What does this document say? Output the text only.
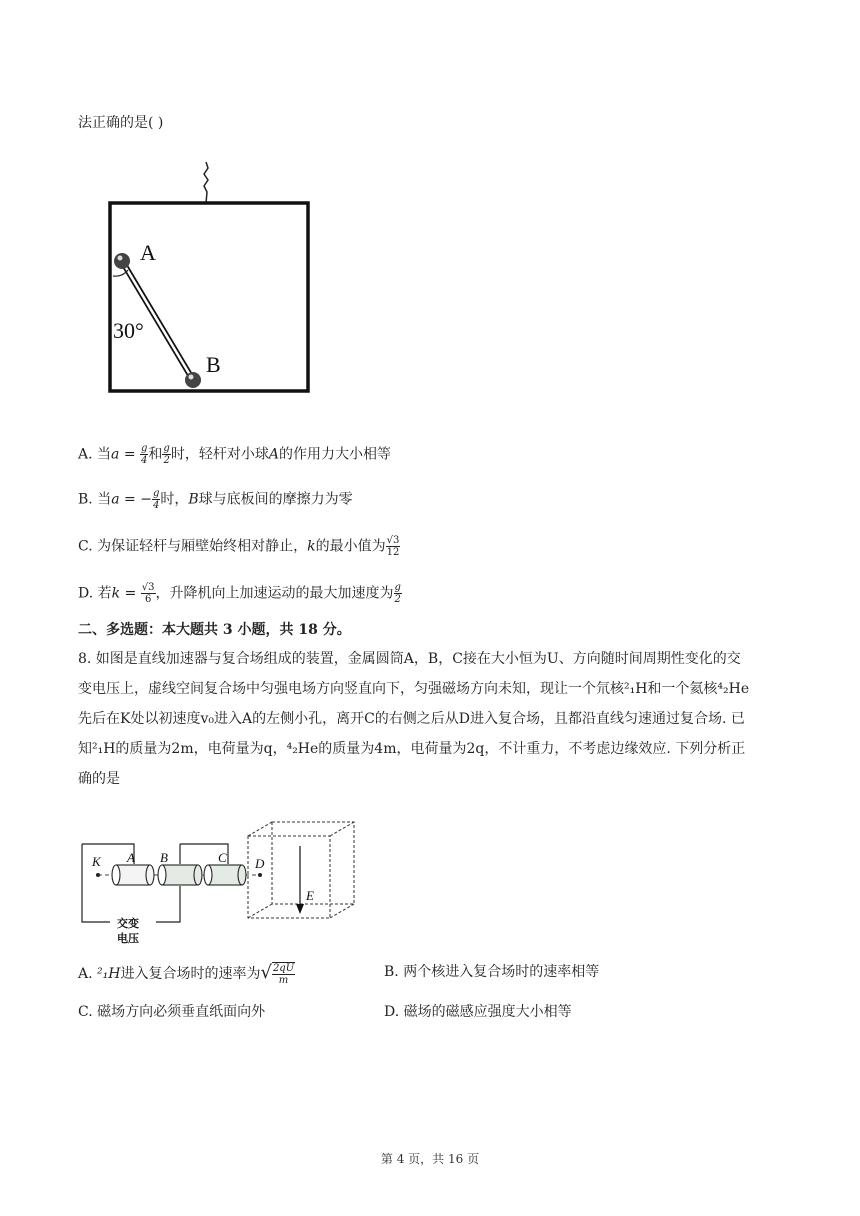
法正确的是( )
A
30°
B
A. 当$a = \frac{g}{4}$ 和 $\frac{g}{2}$ 时，轻杆对小球A的作用力大小相等
B. 当a = − $\frac{g}{4}$ 时，B球与底板间的摩擦力为零
C. 为保证轻杆与厢壁始终相对静止，k的最小值为 $\frac{√3}{12}$
D. 若$k = \frac{√3}{6}$ ，升降机向上加速运动的最大加速度为 $\frac{g}{2}$
二、多选题：本大题共 3 小题，共 18 分。
8. 如图是直线加速器与复合场组成的装置，金属圆筒A，B，C接在大小恒为U、方向随时间周期性变化的交
变电压上，虚线空间复合场中匀强电场方向竖直向下，匀强磁场方向未知，现让一个氘核²₁H和一个氦核⁴₂He
先后在K处以初速度v₀进入A的左侧小孔，离开C的右侧之后从D进入复合场，且都沿直线匀速通过复合场. 已
知²₁H的质量为2m，电荷量为q，⁴₂He的质量为4m，电荷量为2q，不计重力，不考虑边缘效应. 下列分析正
确的是
K A B	C D
E
交变
电压
A. ²₁H进入复合场时的速率为√ $\frac{2qU}{m}$	B. 两个核进入复合场时的速率相等
C. 磁场方向必须垂直纸面向外	D. 磁场的磁感应强度大小相等
第 4 页，共 16 页
